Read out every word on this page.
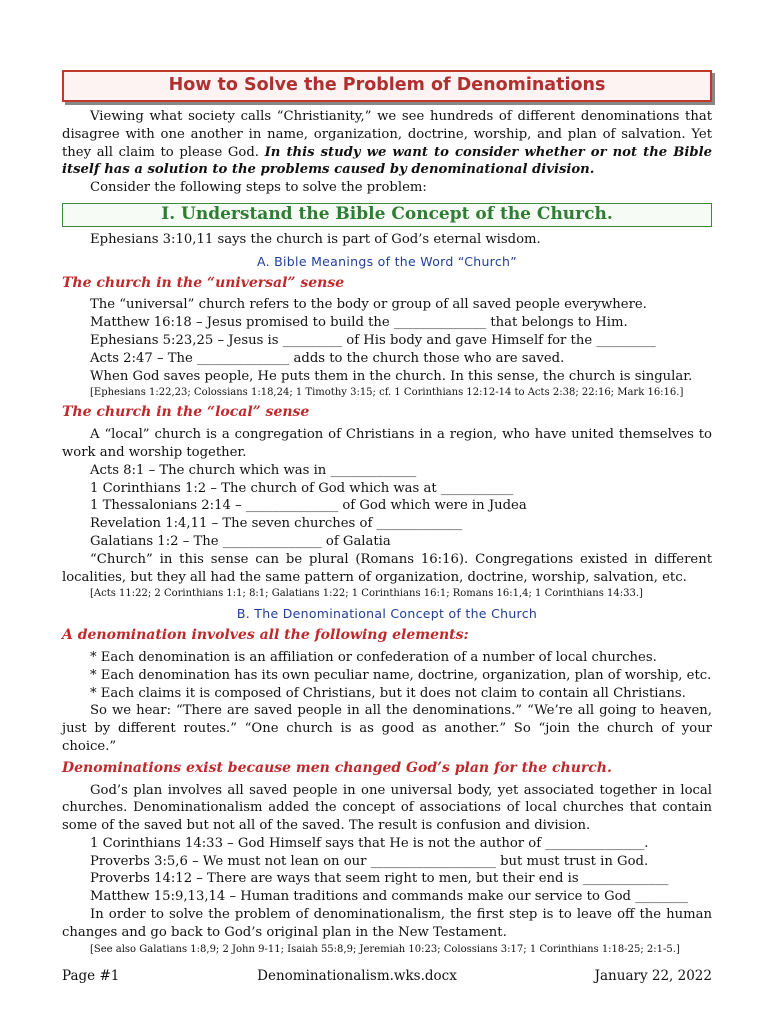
How to Solve the Problem of Denominations

Viewing what society calls “Christianity,” we see hundreds of different denominations that disagree with one another in name, organization, doctrine, worship, and plan of salvation. Yet they all claim to please God. In this study we want to consider whether or not the Bible itself has a solution to the problems caused by denominational division.

Consider the following steps to solve the problem:

I. Understand the Bible Concept of the Church.

Ephesians 3:10,11 says the church is part of God’s eternal wisdom.

A. Bible Meanings of the Word “Church”
The church in the “universal” sense

The “universal” church refers to the body or group of all saved people everywhere.

Matthew 16:18 – Jesus promised to build the ______________ that belongs to Him.

Ephesians 5:23,25 – Jesus is _________ of His body and gave Himself for the _________

Acts 2:47 – The ______________ adds to the church those who are saved.

When God saves people, He puts them in the church. In this sense, the church is singular.

[Ephesians 1:22,23; Colossians 1:18,24; 1 Timothy 3:15; cf. 1 Corinthians 12:12-14 to Acts 2:38; 22:16; Mark 16:16.]

The church in the “local” sense

A “local” church is a congregation of Christians in a region, who have united themselves to work and worship together.

Acts 8:1 – The church which was in _____________

1 Corinthians 1:2 – The church of God which was at ___________

1 Thessalonians 2:14 – ______________ of God which were in Judea

Revelation 1:4,11 – The seven churches of _____________

Galatians 1:2 – The _______________ of Galatia

“Church” in this sense can be plural (Romans 16:16). Congregations existed in different localities, but they all had the same pattern of organization, doctrine, worship, salvation, etc.

[Acts 11:22; 2 Corinthians 1:1; 8:1; Galatians 1:22; 1 Corinthians 16:1; Romans 16:1,4; 1 Corinthians 14:33.]

B. The Denominational Concept of the Church
A denomination involves all the following elements:

* Each denomination is an affiliation or confederation of a number of local churches.

* Each denomination has its own peculiar name, doctrine, organization, plan of worship, etc.

* Each claims it is composed of Christians, but it does not claim to contain all Christians.

So we hear: “There are saved people in all the denominations.” “We’re all going to heaven, just by different routes.” “One church is as good as another.” So “join the church of your choice.”

Denominations exist because men changed God’s plan for the church.

God’s plan involves all saved people in one universal body, yet associated together in local churches. Denominationalism added the concept of associations of local churches that contain some of the saved but not all of the saved. The result is confusion and division.

1 Corinthians 14:33 – God Himself says that He is not the author of _______________.

Proverbs 3:5,6 – We must not lean on our ___________________ but must trust in God.

Proverbs 14:12 – There are ways that seem right to men, but their end is _____________

Matthew 15:9,13,14 – Human traditions and commands make our service to God ________

In order to solve the problem of denominationalism, the first step is to leave off the human changes and go back to God’s original plan in the New Testament.

[See also Galatians 1:8,9; 2 John 9-11; Isaiah 55:8,9; Jeremiah 10:23; Colossians 3:17; 1 Corinthians 1:18-25; 2:1-5.]

Page #1	Denominationalism.wks.docx	January 22, 2022
